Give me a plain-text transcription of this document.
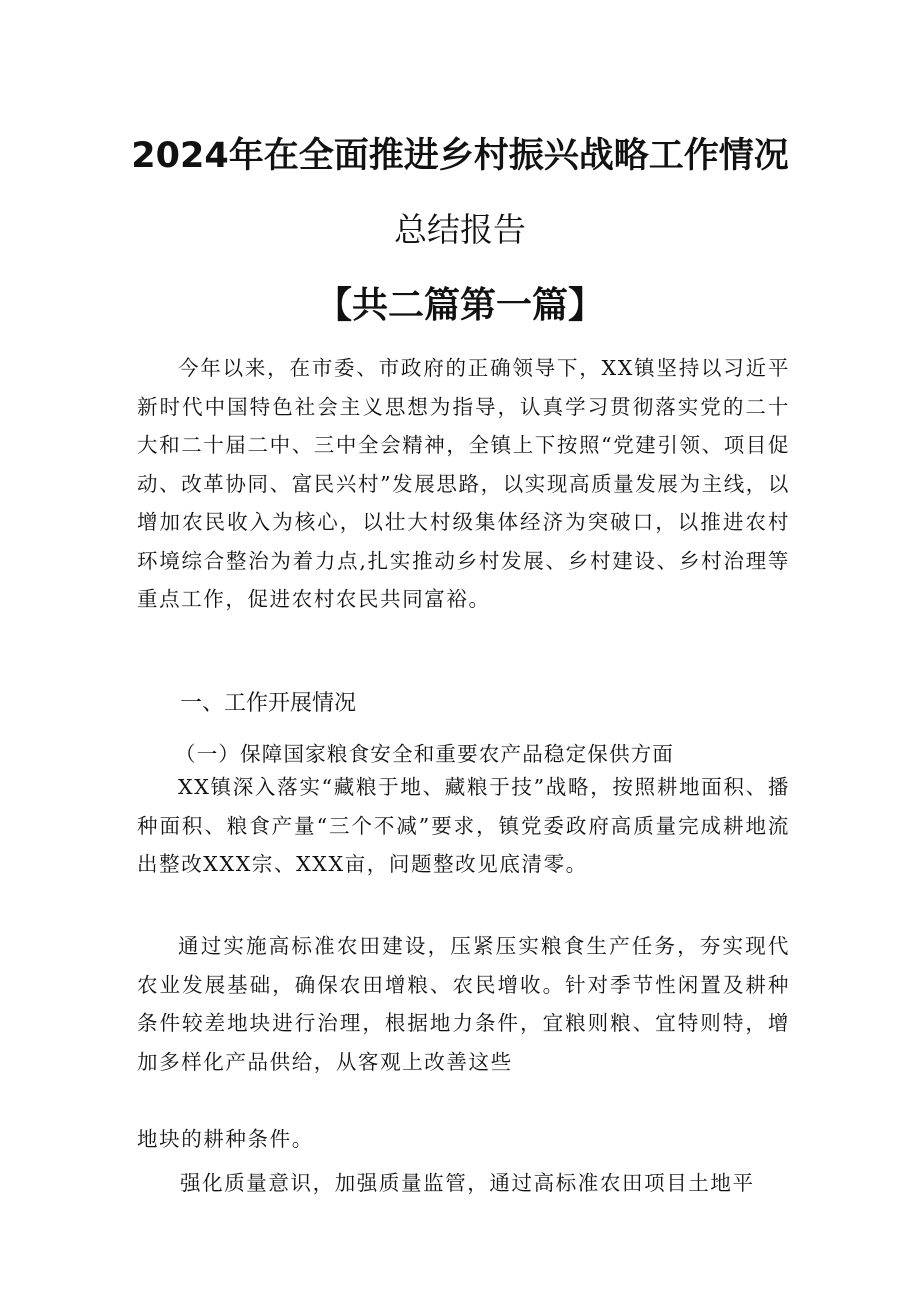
2024年在全面推进乡村振兴战略工作情况
总结报告
【共二篇第一篇】

今年以来，在市委、市政府的正确领导下，XX镇坚持以习近平新时代中国特色社会主义思想为指导，认真学习贯彻落实党的二十大和二十届二中、三中全会精神，全镇上下按照“党建引领、项目促动、改革协同、富民兴村”发展思路，以实现高质量发展为主线，以增加农民收入为核心，以壮大村级集体经济为突破口，以推进农村环境综合整治为着力点,扎实推动乡村发展、乡村建设、乡村治理等重点工作，促进农村农民共同富裕。

一、工作开展情况
（一）保障国家粮食安全和重要农产品稳定保供方面

XX镇深入落实“藏粮于地、藏粮于技”战略，按照耕地面积、播种面积、粮食产量“三个不减”要求，镇党委政府高质量完成耕地流出整改XXX宗、XXX亩，问题整改见底清零。

通过实施高标准农田建设，压紧压实粮食生产任务，夯实现代农业发展基础，确保农田增粮、农民增收。针对季节性闲置及耕种条件较差地块进行治理，根据地力条件，宜粮则粮、宜特则特，增加多样化产品供给，从客观上改善这些

地块的耕种条件。

强化质量意识，加强质量监管，通过高标准农田项目土地平
